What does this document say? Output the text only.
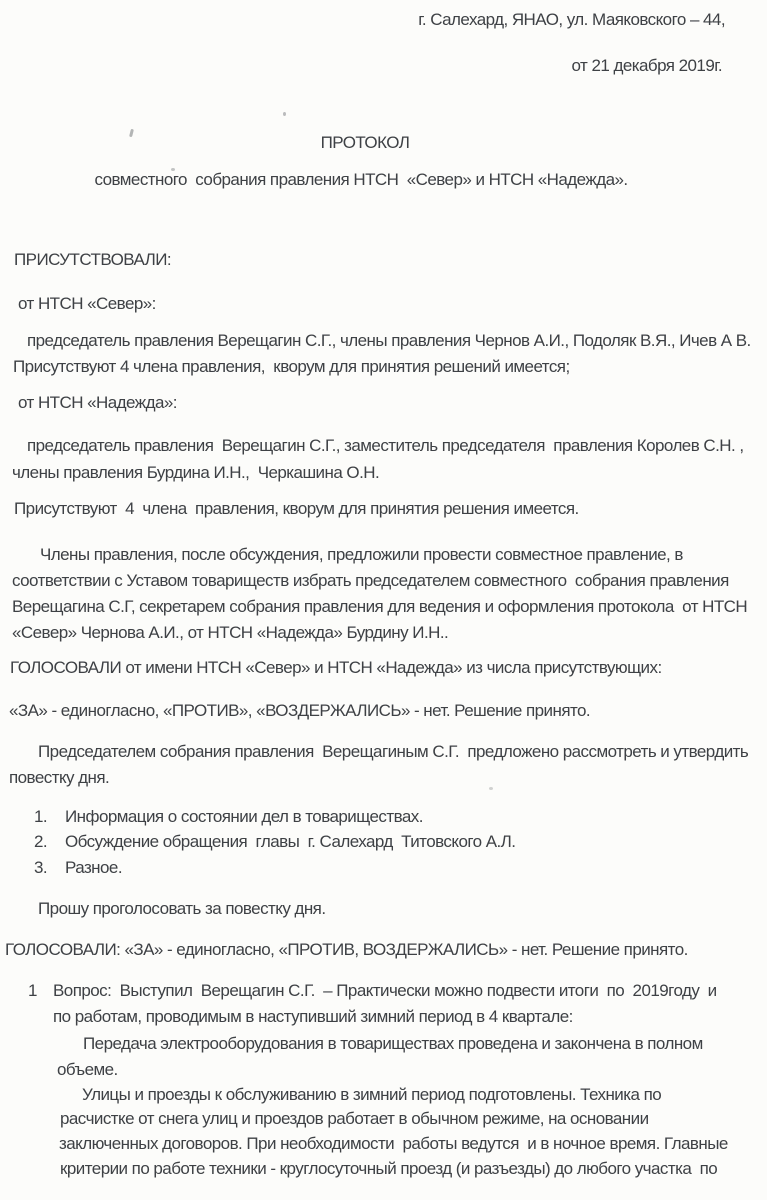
г. Салехард, ЯНАО, ул. Маяковского – 44,
от 21 декабря 2019г.
ПРОТОКОЛ
совместного  собрания правления НТСН  «Север» и НТСН «Надежда».
ПРИСУТСТВОВАЛИ:
от НТСН «Север»:
председатель правления Верещагин С.Г., члены правления Чернов А.И., Подоляк В.Я., Ичев А В.
Присутствуют 4 члена правления,  кворум для принятия решений имеется;
от НТСН «Надежда»:
председатель правления  Верещагин С.Г., заместитель председателя  правления Королев С.Н. ,
члены правления Бурдина И.Н.,  Черкашина О.Н.
Присутствуют  4  члена  правления, кворум для принятия решения имеется.
Члены правления, после обсуждения, предложили провести совместное правление, в
соответствии с Уставом товариществ избрать председателем совместного  собрания правления
Верещагина С.Г, секретарем собрания правления для ведения и оформления протокола  от НТСН
«Север» Чернова А.И., от НТСН «Надежда» Бурдину И.Н..
ГОЛОСОВАЛИ от имени НТСН «Север» и НТСН «Надежда» из числа присутствующих:
«ЗА» - единогласно, «ПРОТИВ», «ВОЗДЕРЖАЛИСЬ» - нет. Решение принято.
Председателем собрания правления  Верещагиным С.Г.  предложено рассмотреть и утвердить
повестку дня.
1. Информация о состоянии дел в товариществах.
2. Обсуждение обращения  главы  г. Салехард  Титовского А.Л.
3. Разное.
Прошу проголосовать за повестку дня.
ГОЛОСОВАЛИ: «ЗА» - единогласно, «ПРОТИВ, ВОЗДЕРЖАЛИСЬ» - нет. Решение принято.
1 Вопрос:  Выступил  Верещагин С.Г.  – Практически можно подвести итоги  по  2019году  и
по работам, проводимым в наступивший зимний период в 4 квартале:
Передача электрооборудования в товариществах проведена и закончена в полном
объеме.
Улицы и проезды к обслуживанию в зимний период подготовлены. Техника по
расчистке от снега улиц и проездов работает в обычном режиме, на основании
заключенных договоров. При необходимости  работы ведутся  и в ночное время. Главные
критерии по работе техники - круглосуточный проезд (и разъезды) до любого участка  по
